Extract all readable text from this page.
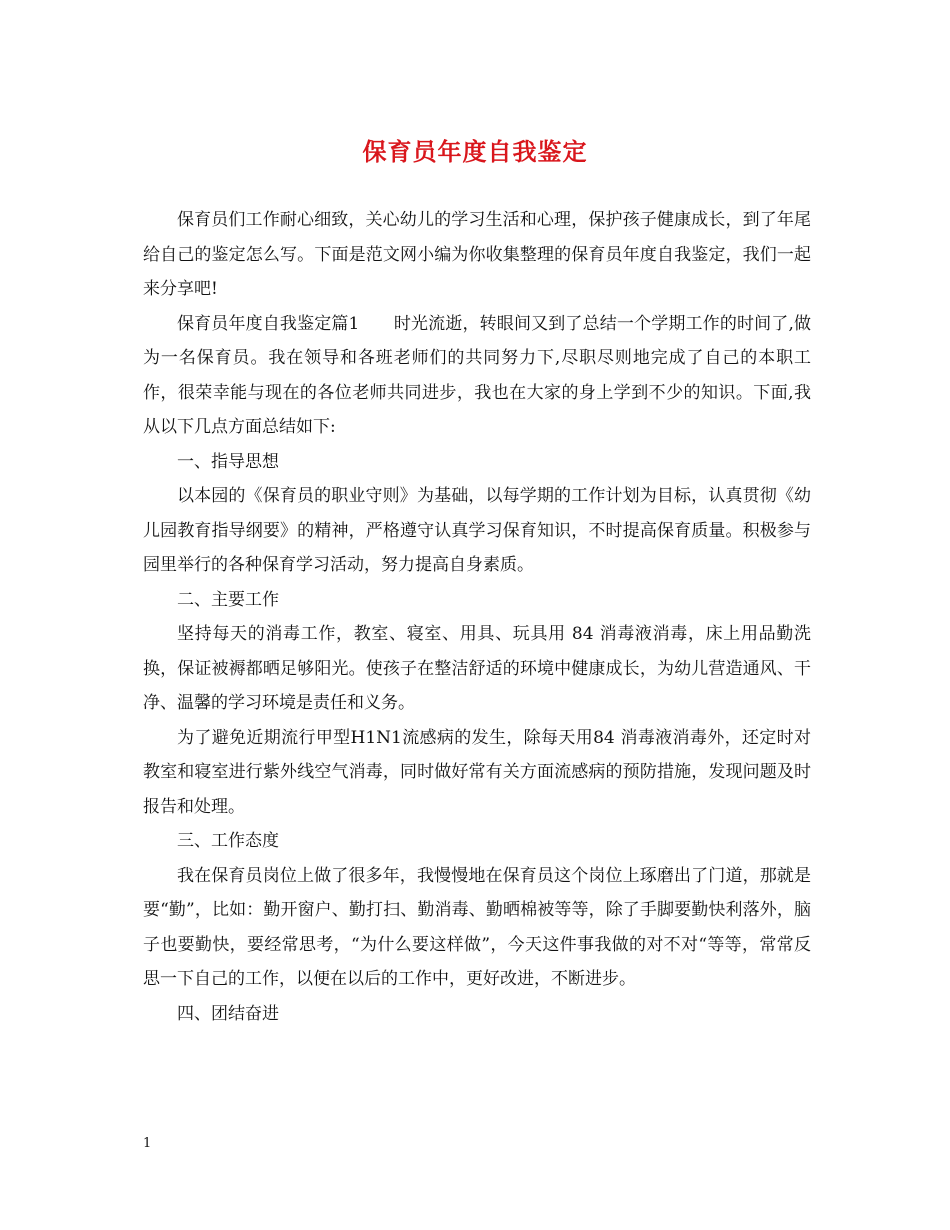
保育员年度自我鉴定

保育员们工作耐心细致，关心幼儿的学习生活和心理，保护孩子健康成长，到了年尾给自己的鉴定怎么写。下面是范文网小编为你收集整理的保育员年度自我鉴定，我们一起来分享吧!

保育员年度自我鉴定篇1　　时光流逝，转眼间又到了总结一个学期工作的时间了,做为一名保育员。我在领导和各班老师们的共同努力下,尽职尽则地完成了自己的本职工作，很荣幸能与现在的各位老师共同进步，我也在大家的身上学到不少的知识。下面,我从以下几点方面总结如下:

一、指导思想

以本园的《保育员的职业守则》为基础，以每学期的工作计划为目标，认真贯彻《幼儿园教育指导纲要》的精神，严格遵守认真学习保育知识，不时提高保育质量。积极参与园里举行的各种保育学习活动，努力提高自身素质。

二、主要工作

坚持每天的消毒工作，教室、寝室、用具、玩具用 84 消毒液消毒，床上用品勤洗换，保证被褥都晒足够阳光。使孩子在整洁舒适的环境中健康成长，为幼儿营造通风、干净、温馨的学习环境是责任和义务。

为了避免近期流行甲型H1N1流感病的发生，除每天用84 消毒液消毒外，还定时对教室和寝室进行紫外线空气消毒，同时做好常有关方面流感病的预防措施，发现问题及时报告和处理。

三、工作态度

我在保育员岗位上做了很多年，我慢慢地在保育员这个岗位上琢磨出了门道，那就是要“勤”，比如：勤开窗户、勤打扫、勤消毒、勤晒棉被等等，除了手脚要勤快利落外，脑子也要勤快，要经常思考，“为什么要这样做”，今天这件事我做的对不对“等等，常常反思一下自己的工作，以便在以后的工作中，更好改进，不断进步。

四、团结奋进

1
